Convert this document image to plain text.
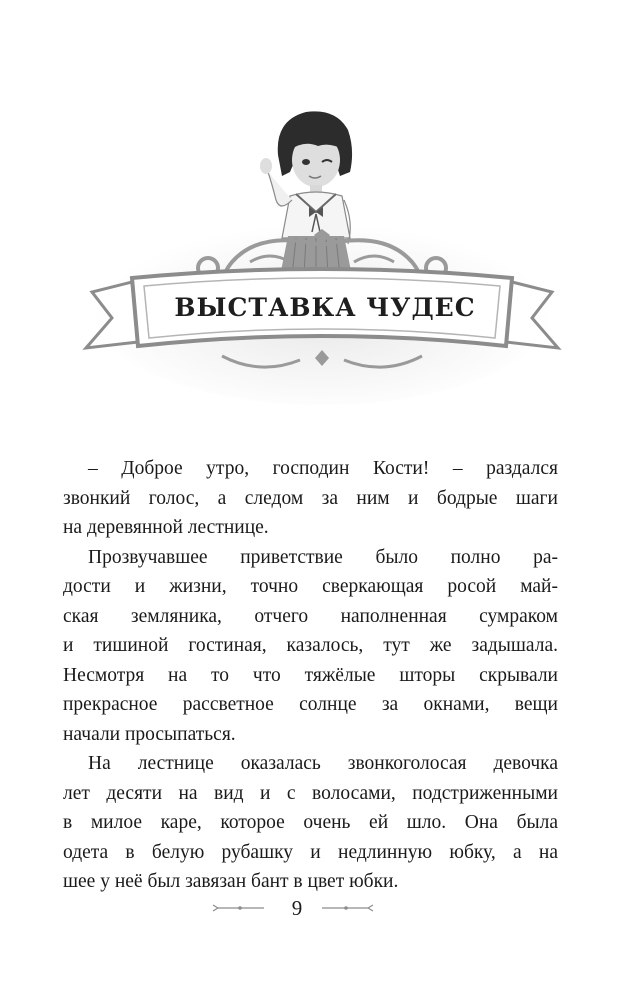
ВЫСТАВКА ЧУДЕС

– Доброе утро, господин Кости! – раздался
звонкий голос, а следом за ним и бодрые шаги
на деревянной лестнице.

Прозвучавшее приветствие было полно ра-
дости и жизни, точно сверкающая росой май-
ская земляника, отчего наполненная сумраком
и тишиной гостиная, казалось, тут же задышала.
Несмотря на то что тяжёлые шторы скрывали
прекрасное рассветное солнце за окнами, вещи
начали просыпаться.

На лестнице оказалась звонкоголосая девочка
лет десяти на вид и с волосами, подстриженными
в милое каре, которое очень ей шло. Она была
одета в белую рубашку и недлинную юбку, а на
шее у неё был завязан бант в цвет юбки.

9
